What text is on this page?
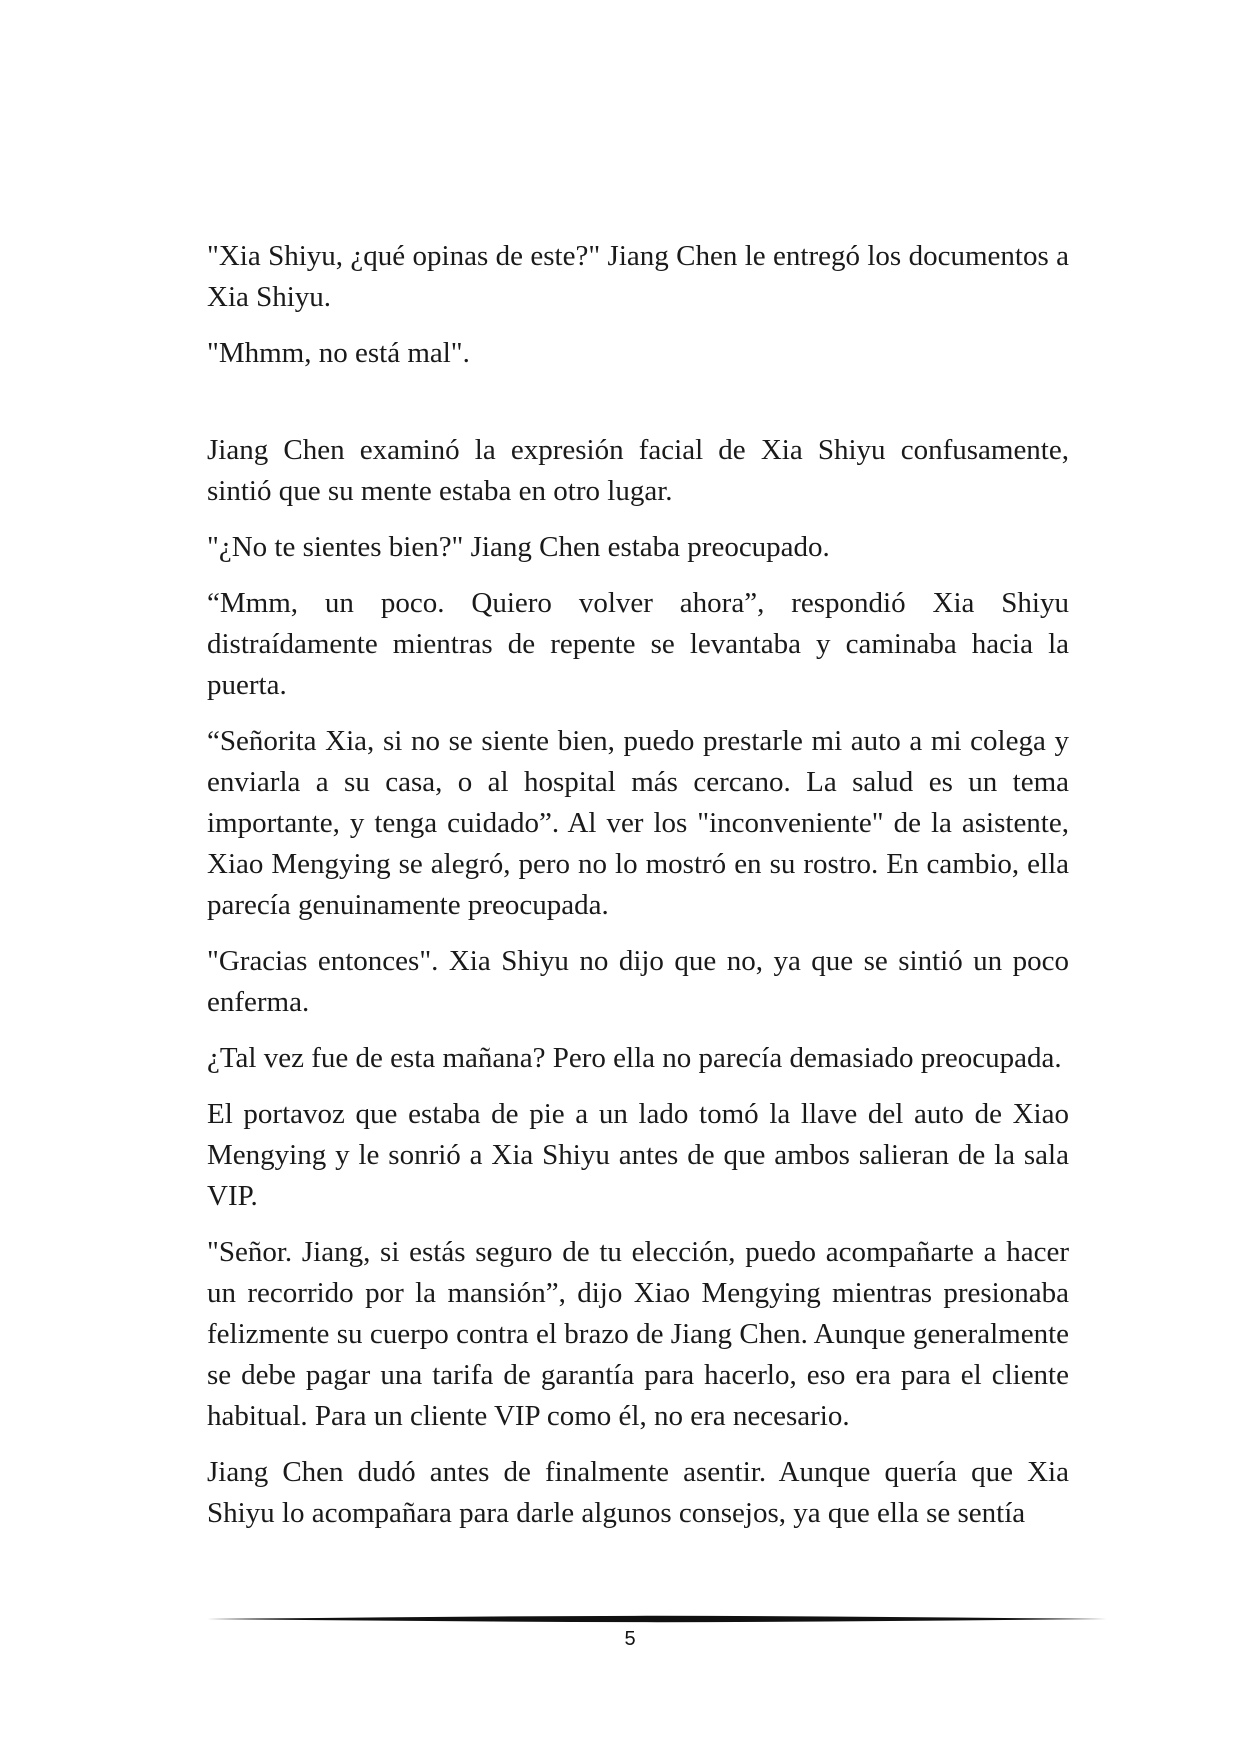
"Xia Shiyu, ¿qué opinas de este?" Jiang Chen le entregó los documentos a Xia Shiyu.

"Mhmm, no está mal".

Jiang Chen examinó la expresión facial de Xia Shiyu confusamente, sintió que su mente estaba en otro lugar.

"¿No te sientes bien?" Jiang Chen estaba preocupado.

“Mmm, un poco. Quiero volver ahora”, respondió Xia Shiyu distraídamente mientras de repente se levantaba y caminaba hacia la puerta.

“Señorita Xia, si no se siente bien, puedo prestarle mi auto a mi colega y enviarla a su casa, o al hospital más cercano. La salud es un tema importante, y tenga cuidado”. Al ver los "inconveniente" de la asistente, Xiao Mengying se alegró, pero no lo mostró en su rostro. En cambio, ella parecía genuinamente preocupada.

"Gracias entonces". Xia Shiyu no dijo que no, ya que se sintió un poco enferma.

¿Tal vez fue de esta mañana? Pero ella no parecía demasiado preocupada.

El portavoz que estaba de pie a un lado tomó la llave del auto de Xiao Mengying y le sonrió a Xia Shiyu antes de que ambos salieran de la sala VIP.

"Señor. Jiang, si estás seguro de tu elección, puedo acompañarte a hacer un recorrido por la mansión”, dijo Xiao Mengying mientras presionaba felizmente su cuerpo contra el brazo de Jiang Chen. Aunque generalmente se debe pagar una tarifa de garantía para hacerlo, eso era para el cliente habitual. Para un cliente VIP como él, no era necesario.

Jiang Chen dudó antes de finalmente asentir. Aunque quería que Xia Shiyu lo acompañara para darle algunos consejos, ya que ella se sentía

5
